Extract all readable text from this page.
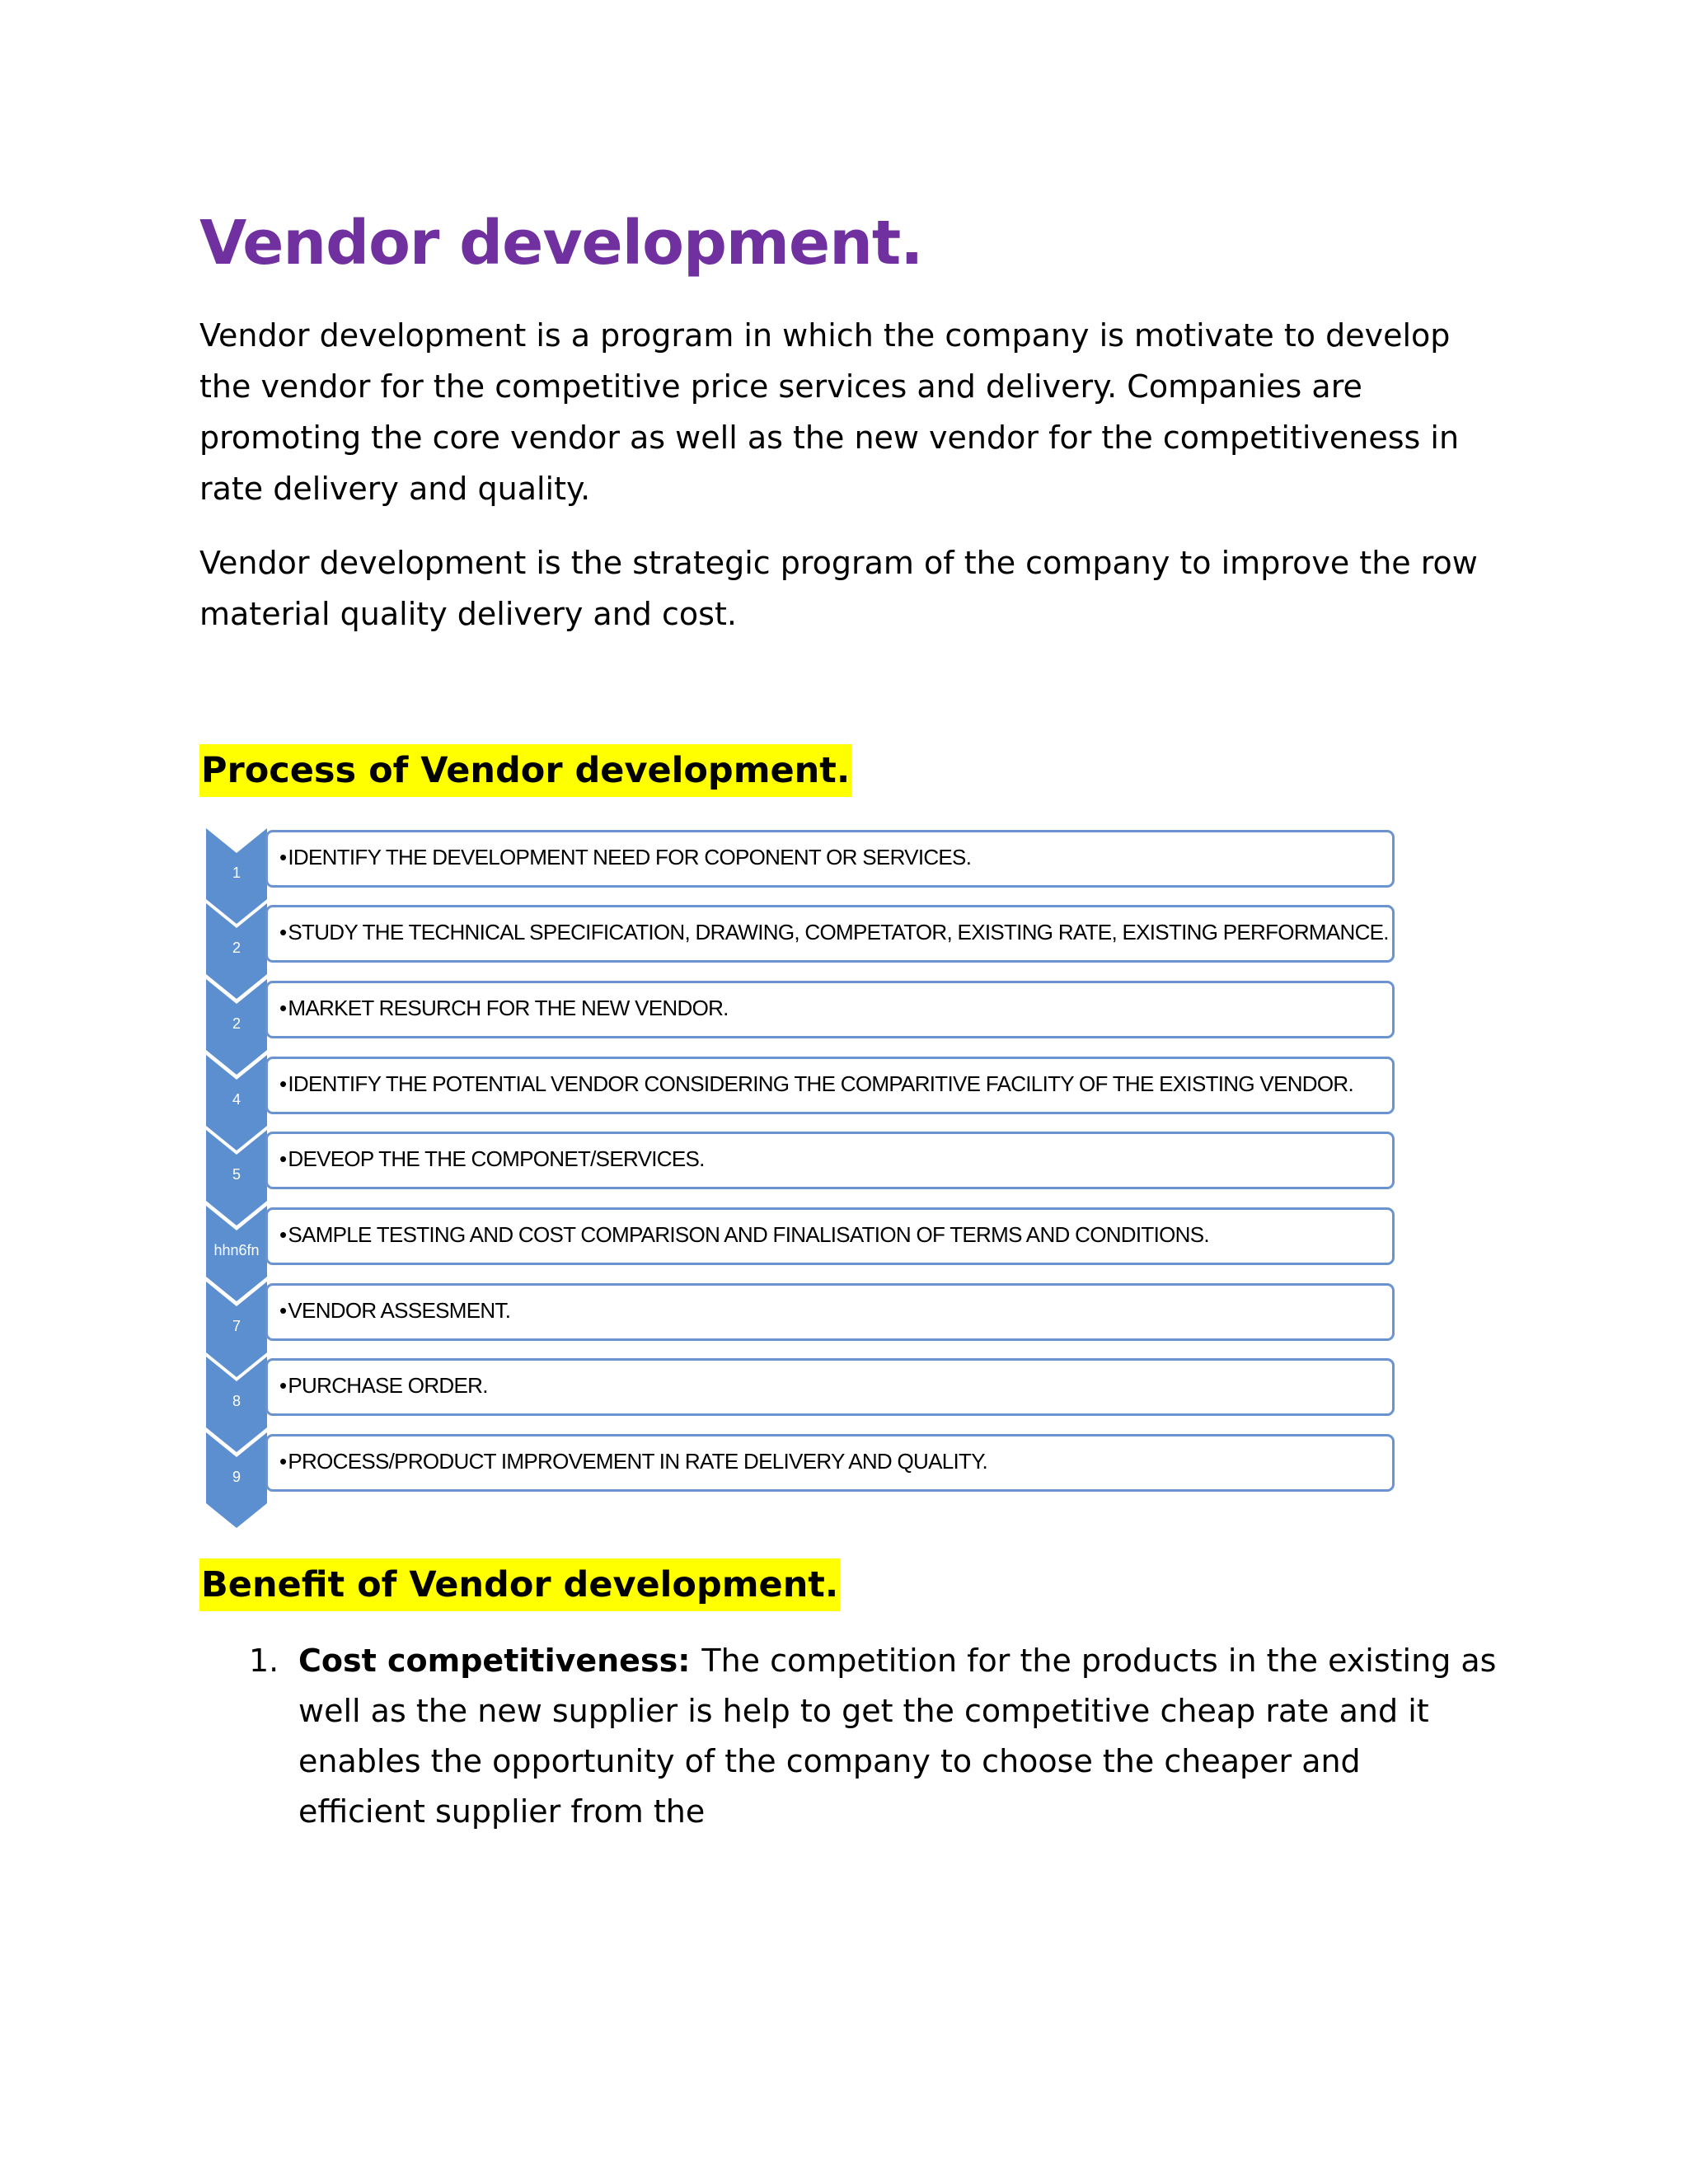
Vendor development.

Vendor development is a program in which the company is motivate to develop
the vendor for the competitive price services and delivery. Companies are
promoting the core vendor as well as the new vendor for the competitiveness in
rate delivery and quality.

Vendor development is the strategic program of the company to improve the row
material quality delivery and cost.

Process of Vendor development.
1
•IDENTIFY THE DEVELOPMENT NEED FOR COPONENT OR SERVICES.
2
•STUDY THE TECHNICAL SPECIFICATION, DRAWING, COMPETATOR, EXISTING RATE, EXISTING PERFORMANCE.
2
•MARKET RESURCH FOR THE NEW VENDOR.
4
•IDENTIFY THE POTENTIAL VENDOR CONSIDERING THE COMPARITIVE FACILITY OF THE EXISTING VENDOR.
5
•DEVEOP THE THE COMPONET/SERVICES.
hhn6fn
•SAMPLE TESTING AND COST COMPARISON AND FINALISATION OF TERMS AND CONDITIONS.
7
•VENDOR ASSESMENT.
8
•PURCHASE ORDER.
9
•PROCESS/PRODUCT IMPROVEMENT IN RATE DELIVERY AND QUALITY.
Benefit of Vendor development.
1. Cost competitiveness: The competition for the products in the existing as
well as the new supplier is help to get the competitive cheap rate and it
enables the opportunity of the company to choose the cheaper and
efficient supplier from the
